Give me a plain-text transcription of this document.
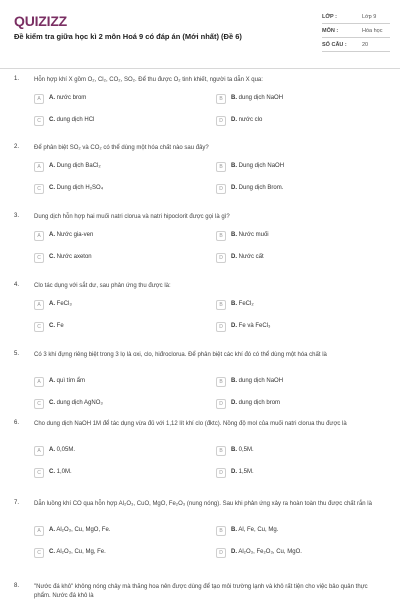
QUIZIZZ
Đề kiểm tra giữa học kì 2 môn Hoá 9 có đáp án (Mới nhất) (Đề 6)
LỚP :	Lớp 9
MÔN :	Hóa học
SỐ CÂU :	20
1. Hỗn hợp khí X gồm O₂, Cl₂, CO₂, SO₂. Để thu được O₂ tinh khiết, người ta dẫn X qua:
A	A. nước brom	B	B. dung dịch NaOH
C	C. dung dịch HCl	D	D. nước clo
2. Để phân biệt SO₂ và CO₂ có thể dùng một hóa chất nào sau đây?
A	A. Dung dịch BaCl₂	B	B. Dung dịch NaOH
C	C. Dung dịch H₂SO₄	D	D. Dung dịch Brom.
3. Dung dịch hỗn hợp hai muối natri clorua và natri hipoclorit được gọi là gì?
A	A. Nước gia-ven	B	B. Nước muối
C	C. Nước axeton	D	D. Nước cất
4. Clo tác dụng với sắt dư, sau phản ứng thu được là:
A	A. FeCl₃	B	B. FeCl₂
C	C. Fe	D	D. Fe và FeCl₃
5. Có 3 khí đựng riêng biệt trong 3 lọ là oxi, clo, hiđroclorua. Để phân biệt các khí đó có thể dùng một hóa chất là
A	A. quì tím ẩm	B	B. dung dịch NaOH
C	C. dung dịch AgNO₃	D	D. dung dịch brom
6. Cho dung dịch NaOH 1M để tác dụng vừa đủ với 1,12 lít khí clo (đktc). Nồng độ mol của muối natri clorua thu được là
A	A. 0,05M.	B	B. 0,5M.
C	C. 1,0M.	D	D. 1,5M.
7. Dẫn luồng khí CO qua hỗn hợp Al₂O₃, CuO, MgO, Fe₂O₃ (nung nóng). Sau khi phản ứng xảy ra hoàn toàn thu được chất rắn là
A	A. Al₂O₃, Cu, MgO, Fe.	B	B. Al, Fe, Cu, Mg.
C	C. Al₂O₃, Cu, Mg, Fe.	D	D. Al₂O₃, Fe₂O₃, Cu, MgO.
8. "Nước đá khô" không nóng chảy mà thăng hoa nên được dùng để tạo môi trường lạnh và khô rất tiện cho việc bảo quản thực phẩm. Nước đá khô là
